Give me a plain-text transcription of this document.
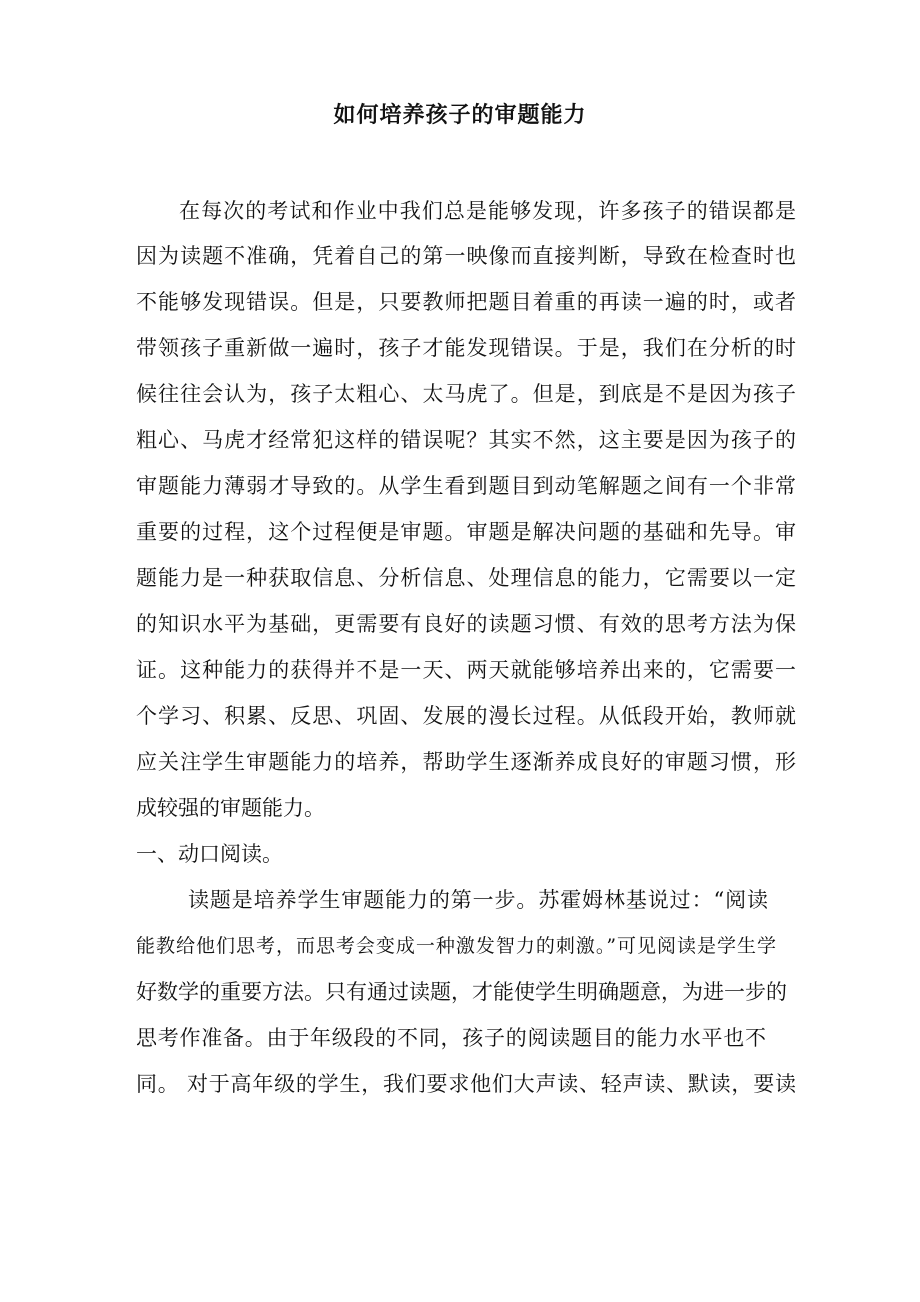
如何培养孩子的审题能力
在每次的考试和作业中我们总是能够发现，许多孩子的错误都是
因为读题不准确，凭着自己的第一映像而直接判断，导致在检查时也
不能够发现错误。但是，只要教师把题目着重的再读一遍的时，或者
带领孩子重新做一遍时，孩子才能发现错误。于是，我们在分析的时
候往往会认为，孩子太粗心、太马虎了。但是，到底是不是因为孩子
粗心、马虎才经常犯这样的错误呢？其实不然，这主要是因为孩子的
审题能力薄弱才导致的。从学生看到题目到动笔解题之间有一个非常
重要的过程，这个过程便是审题。审题是解决问题的基础和先导。审
题能力是一种获取信息、分析信息、处理信息的能力，它需要以一定
的知识水平为基础，更需要有良好的读题习惯、有效的思考方法为保
证。这种能力的获得并不是一天、两天就能够培养出来的，它需要一
个学习、积累、反思、巩固、发展的漫长过程。从低段开始，教师就
应关注学生审题能力的培养，帮助学生逐渐养成良好的审题习惯，形
成较强的审题能力。
一、动口阅读。
读题是培养学生审题能力的第一步。苏霍姆林基说过：“阅读
能教给他们思考，而思考会变成一种激发智力的刺激。”可见阅读是学生学
好数学的重要方法。只有通过读题，才能使学生明确题意，为进一步的
思考作准备。由于年级段的不同，孩子的阅读题目的能力水平也不
同。 对于高年级的学生，我们要求他们大声读、轻声读、默读，要读
